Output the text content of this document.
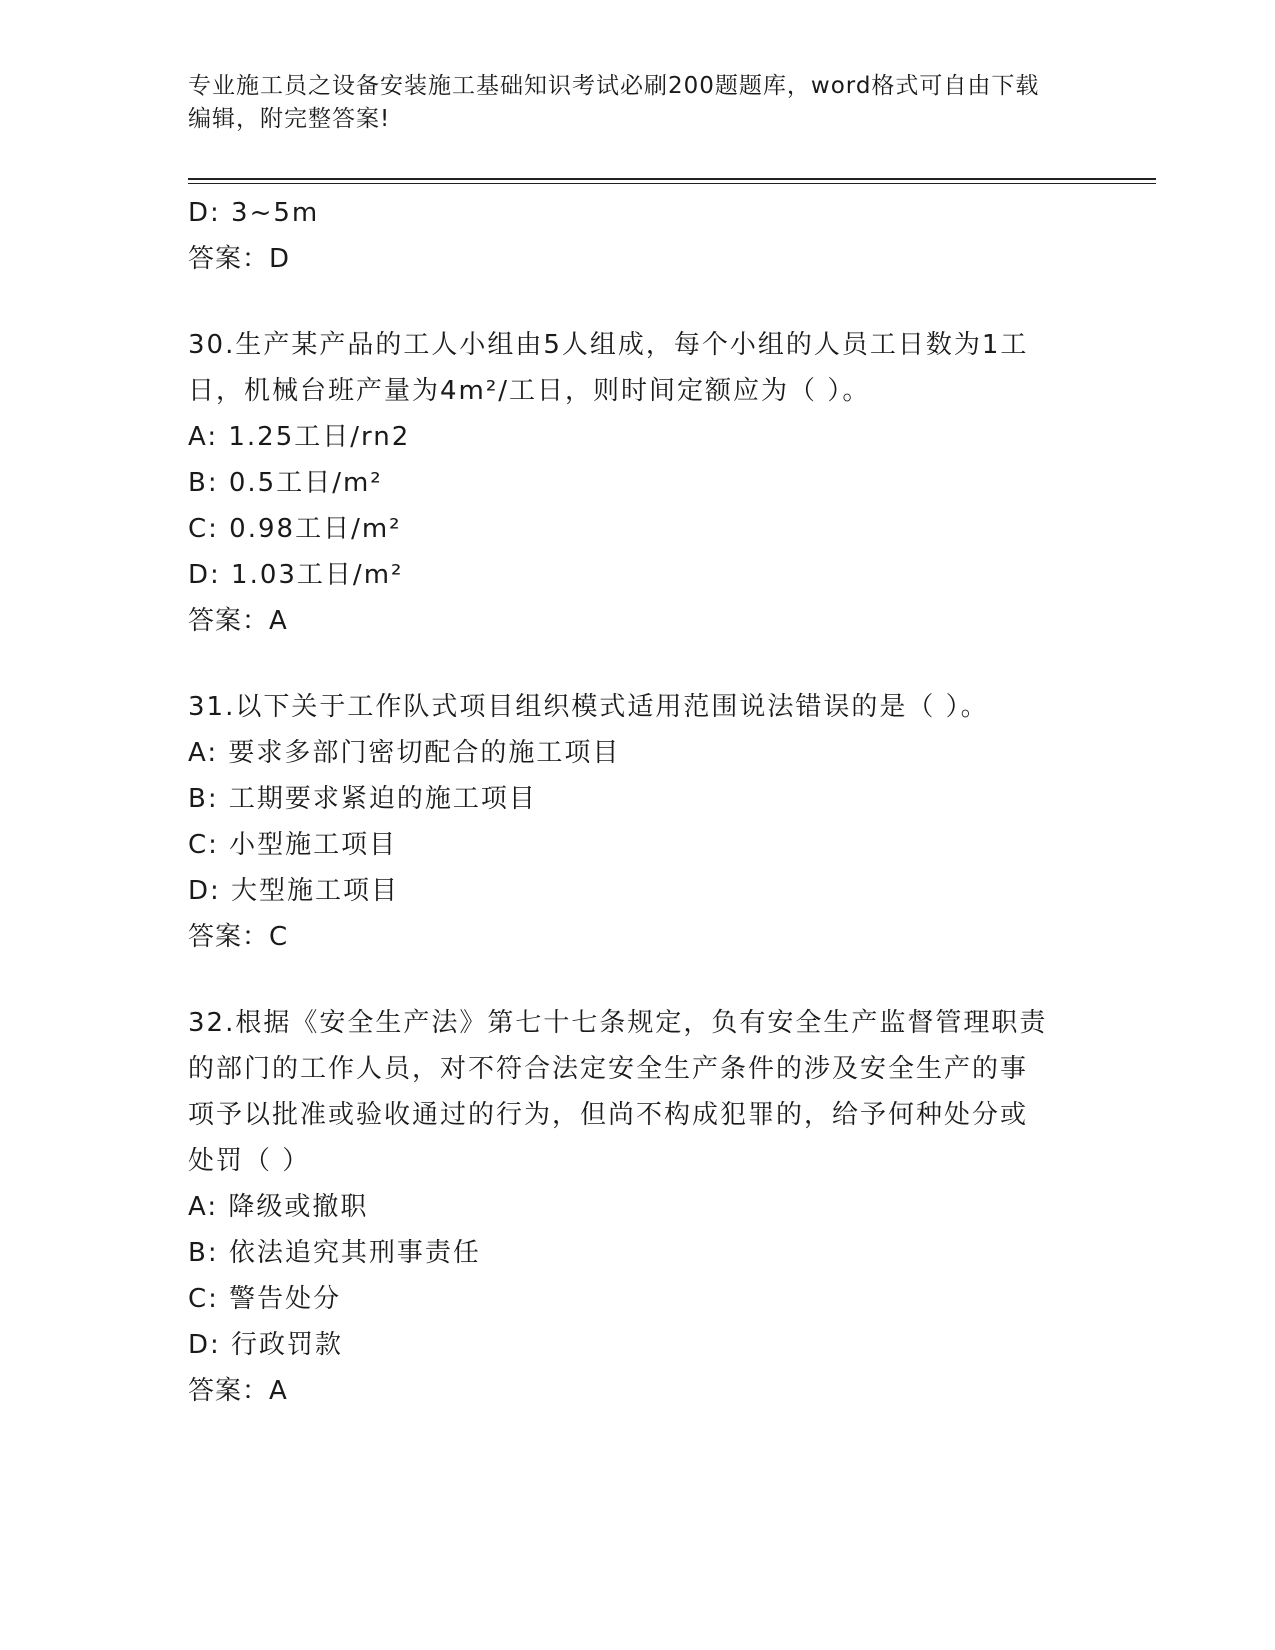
专业施工员之设备安装施工基础知识考试必刷200题题库，word格式可自由下载
编辑，附完整答案!
D: 3~5m
答案：D
30.生产某产品的工人小组由5人组成，每个小组的人员工日数为1工
日，机械台班产量为4m²/工日，则时间定额应为（ ）。
A: 1.25工日/rn2
B: 0.5工日/m²
C: 0.98工日/m²
D: 1.03工日/m²
答案：A
31.以下关于工作队式项目组织模式适用范围说法错误的是（ ）。
A: 要求多部门密切配合的施工项目
B: 工期要求紧迫的施工项目
C: 小型施工项目
D: 大型施工项目
答案：C
32.根据《安全生产法》第七十七条规定，负有安全生产监督管理职责
的部门的工作人员，对不符合法定安全生产条件的涉及安全生产的事
项予以批准或验收通过的行为，但尚不构成犯罪的，给予何种处分或
处罚（ ）
A: 降级或撤职
B: 依法追究其刑事责任
C: 警告处分
D: 行政罚款
答案：A
